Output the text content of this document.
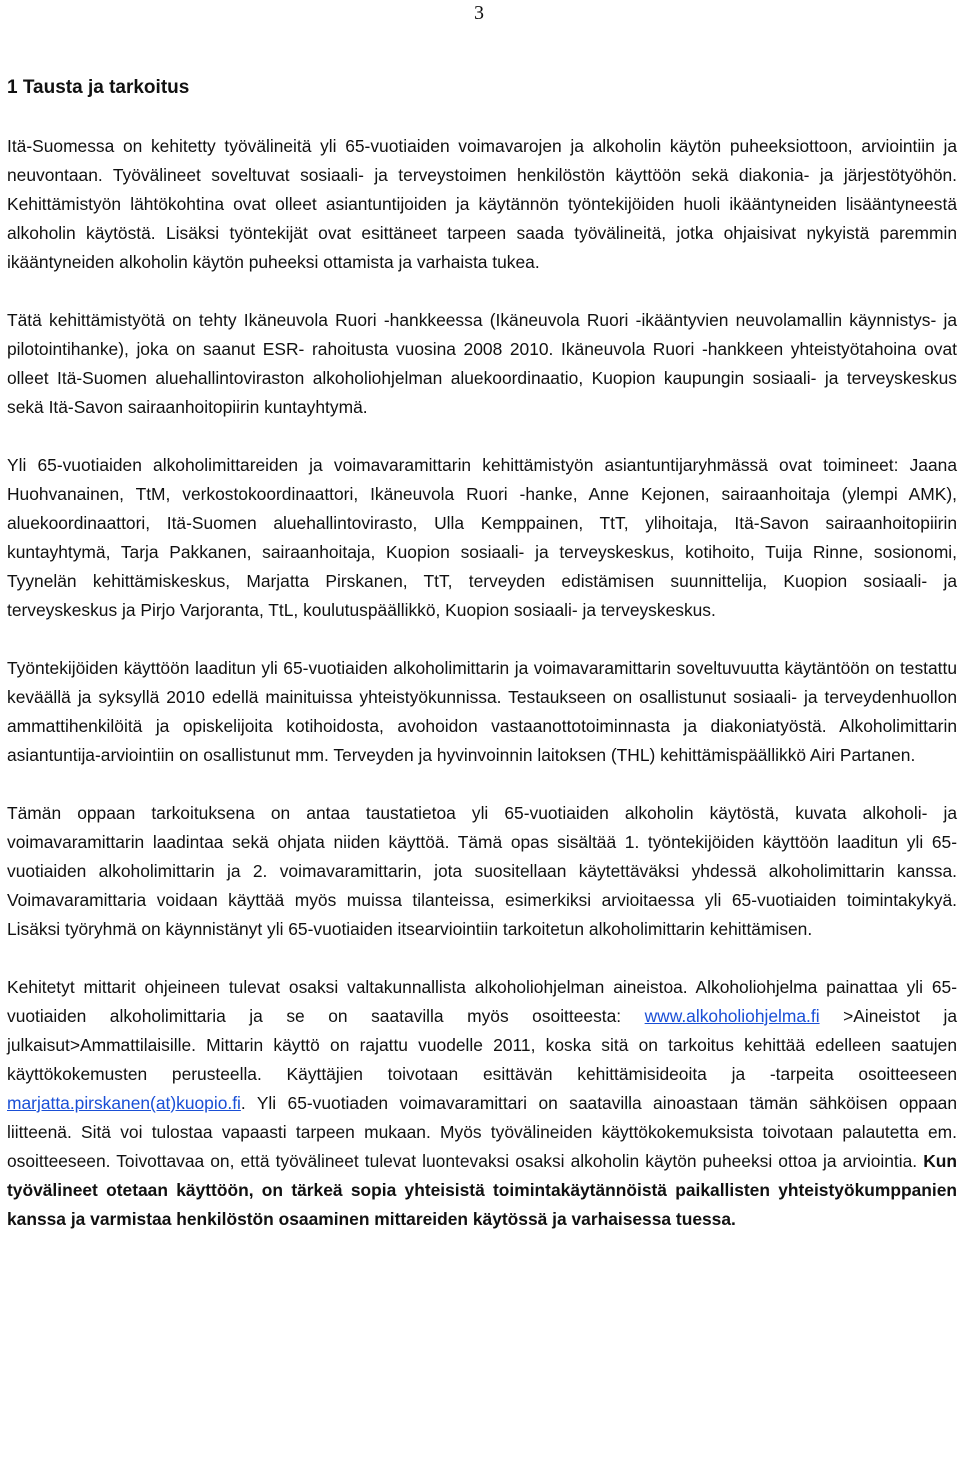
3
1 Tausta ja tarkoitus

Itä-Suomessa on kehitetty työvälineitä yli 65-vuotiaiden voimavarojen ja alkoholin käytön puheeksiottoon, arviointiin ja neuvontaan. Työvälineet soveltuvat sosiaali- ja terveystoimen henkilöstön käyttöön sekä diakonia- ja järjestötyöhön. Kehittämistyön lähtökohtina ovat olleet asiantuntijoiden ja käytännön työntekijöiden huoli ikääntyneiden lisääntyneestä alkoholin käytöstä. Lisäksi työntekijät ovat esittäneet tarpeen saada työvälineitä, jotka ohjaisivat nykyistä paremmin ikääntyneiden alkoholin käytön puheeksi ottamista ja varhaista tukea.

Tätä kehittämistyötä on tehty Ikäneuvola Ruori -hankkeessa (Ikäneuvola Ruori -ikääntyvien neuvolamallin käynnistys- ja pilotointihanke), joka on saanut ESR- rahoitusta vuosina 2008 2010. Ikäneuvola Ruori -hankkeen yhteistyötahoina ovat olleet Itä-Suomen aluehallintoviraston alkoholiohjelman aluekoordinaatio, Kuopion kaupungin sosiaali- ja terveyskeskus sekä Itä-Savon sairaanhoitopiirin kuntayhtymä.

Yli 65-vuotiaiden alkoholimittareiden ja voimavaramittarin kehittämistyön asiantuntijaryhmässä ovat toimineet: Jaana Huohvanainen, TtM, verkostokoordinaattori, Ikäneuvola Ruori -hanke, Anne Kejonen, sairaanhoitaja (ylempi AMK), aluekoordinaattori, Itä-Suomen aluehallintovirasto, Ulla Kemppainen, TtT, ylihoitaja, Itä-Savon sairaanhoitopiirin kuntayhtymä, Tarja Pakkanen, sairaanhoitaja, Kuopion sosiaali- ja terveyskeskus, kotihoito, Tuija Rinne, sosionomi, Tyynelän kehittämiskeskus, Marjatta Pirskanen, TtT, terveyden edistämisen suunnittelija, Kuopion sosiaali- ja terveyskeskus ja Pirjo Varjoranta, TtL, koulutuspäällikkö, Kuopion sosiaali- ja terveyskeskus.

Työntekijöiden käyttöön laaditun yli 65-vuotiaiden alkoholimittarin ja voimavaramittarin soveltuvuutta käytäntöön on testattu keväällä ja syksyllä 2010 edellä mainituissa yhteistyökunnissa. Testaukseen on osallistunut sosiaali- ja terveydenhuollon ammattihenkilöitä ja opiskelijoita kotihoidosta, avohoidon vastaanottotoiminnasta ja diakoniatyöstä. Alkoholimittarin asiantuntija-arviointiin on osallistunut mm. Terveyden ja hyvinvoinnin laitoksen (THL) kehittämispäällikkö Airi Partanen.

Tämän oppaan tarkoituksena on antaa taustatietoa yli 65-vuotiaiden alkoholin käytöstä, kuvata alkoholi- ja voimavaramittarin laadintaa sekä ohjata niiden käyttöä. Tämä opas sisältää 1. työntekijöiden käyttöön laaditun yli 65-vuotiaiden alkoholimittarin ja 2. voimavaramittarin, jota suositellaan käytettäväksi yhdessä alkoholimittarin kanssa. Voimavaramittaria voidaan käyttää myös muissa tilanteissa, esimerkiksi arvioitaessa yli 65-vuotiaiden toimintakykyä. Lisäksi työryhmä on käynnistänyt yli 65-vuotiaiden itsearviointiin tarkoitetun alkoholimittarin kehittämisen.

Kehitetyt mittarit ohjeineen tulevat osaksi valtakunnallista alkoholiohjelman aineistoa. Alkoholiohjelma painattaa yli 65-vuotiaiden alkoholimittaria ja se on saatavilla myös osoitteesta: www.alkoholiohjelma.fi >Aineistot ja julkaisut>Ammattilaisille. Mittarin käyttö on rajattu vuodelle 2011, koska sitä on tarkoitus kehittää edelleen saatujen käyttökokemusten perusteella. Käyttäjien toivotaan esittävän kehittämisideoita ja -tarpeita osoitteeseen marjatta.pirskanen(at)kuopio.fi. Yli 65-vuotiaden voimavaramittari on saatavilla ainoastaan tämän sähköisen oppaan liitteenä. Sitä voi tulostaa vapaasti tarpeen mukaan. Myös työvälineiden käyttökokemuksista toivotaan palautetta em. osoitteeseen. Toivottavaa on, että työvälineet tulevat luontevaksi osaksi alkoholin käytön puheeksi ottoa ja arviointia. Kun työvälineet otetaan käyttöön, on tärkeä sopia yhteisistä toimintakäytännöistä paikallisten yhteistyökumppanien kanssa ja varmistaa henkilöstön osaaminen mittareiden käytössä ja varhaisessa tuessa.
